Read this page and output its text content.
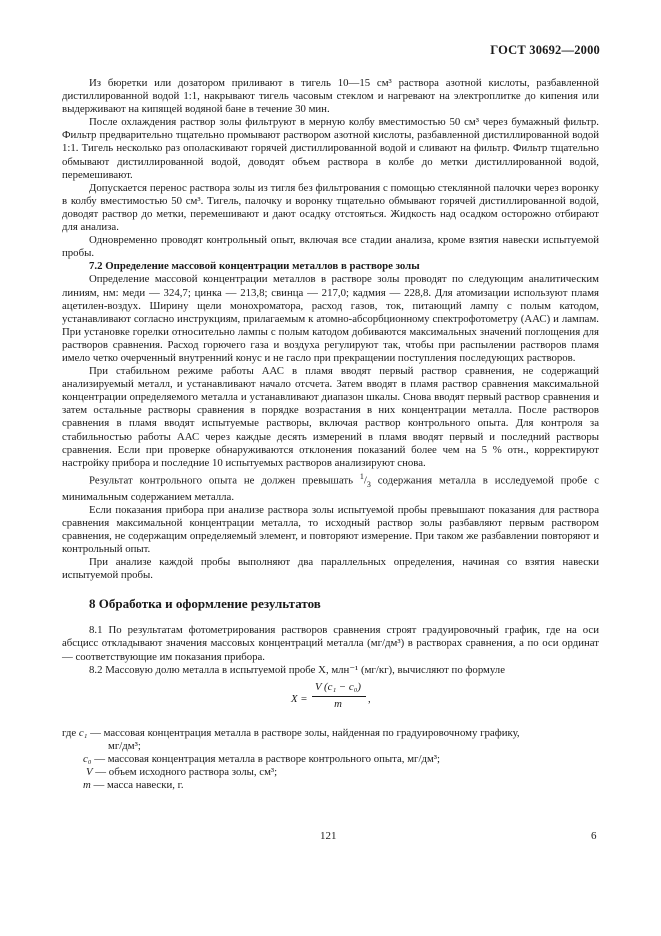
ГОСТ 30692—2000

Из бюретки или дозатором приливают в тигель 10—15 см³ раствора азотной кислоты, разбавленной дистиллированной водой 1:1, накрывают тигель часовым стеклом и нагревают на электроплитке до кипения или выдерживают на кипящей водяной бане в течение 30 мин.

После охлаждения раствор золы фильтруют в мерную колбу вместимостью 50 см³ через бумажный фильтр. Фильтр предварительно тщательно промывают раствором азотной кислоты, разбавленной дистиллированной водой 1:1. Тигель несколько раз ополаскивают горячей дистиллированной водой и сливают на фильтр. Фильтр тщательно обмывают дистиллированной водой, доводят объем раствора в колбе до метки дистиллированной водой, перемешивают.

Допускается перенос раствора золы из тигля без фильтрования с помощью стеклянной палочки через воронку в колбу вместимостью 50 см³. Тигель, палочку и воронку тщательно обмывают горячей дистиллированной водой, доводят раствор до метки, перемешивают и дают осадку отстояться. Жидкость над осадком осторожно отбирают для анализа.

Одновременно проводят контрольный опыт, включая все стадии анализа, кроме взятия навески испытуемой пробы.

7.2 Определение массовой концентрации металлов в растворе золы

Определение массовой концентрации металлов в растворе золы проводят по следующим аналитическим линиям, нм: меди — 324,7; цинка — 213,8; свинца — 217,0; кадмия — 228,8. Для атомизации используют пламя ацетилен-воздух. Ширину щели монохроматора, расход газов, ток, питающий лампу с полым катодом, устанавливают согласно инструкциям, прилагаемым к атомно-абсорбционному спектрофотометру (ААС) и лампам. При установке горелки относительно лампы с полым катодом добиваются максимальных значений поглощения для растворов сравнения. Расход горючего газа и воздуха регулируют так, чтобы при распылении растворов пламя имело четко очерченный внутренний конус и не гасло при прекращении поступления последующих растворов.

При стабильном режиме работы ААС в пламя вводят первый раствор сравнения, не содержащий анализируемый металл, и устанавливают начало отсчета. Затем вводят в пламя раствор сравнения максимальной концентрации определяемого металла и устанавливают диапазон шкалы. Снова вводят первый раствор сравнения и затем остальные растворы сравнения в порядке возрастания в них концентрации металла. После растворов сравнения в пламя вводят испытуемые растворы, включая раствор контрольного опыта. Для контроля за стабильностью работы ААС через каждые десять измерений в пламя вводят первый и последний растворы сравнения. Если при проверке обнаруживаются отклонения показаний более чем на 5 % отн., корректируют настройку прибора и последние 10 испытуемых растворов анализируют снова.

Результат контрольного опыта не должен превышать $^1/_3$ содержания металла в исследуемой пробе с минимальным содержанием металла.

Если показания прибора при анализе раствора золы испытуемой пробы превышают показания для раствора сравнения максимальной концентрации металла, то исходный раствор золы разбавляют первым раствором сравнения, не содержащим определяемый элемент, и повторяют измерение. При таком же разбавлении повторяют и контрольный опыт.

При анализе каждой пробы выполняют два параллельных определения, начиная со взятия навески испытуемой пробы.

8 Обработка и оформление результатов

8.1 По результатам фотометрирования растворов сравнения строят градуировочный график, где на оси абсцисс откладывают значения массовых концентраций металла (мг/дм³) в растворах сравнения, а по оси ординат — соответствующие им показания прибора.

8.2 Массовую долю металла в испытуемой пробе X, млн⁻¹ (мг/кг), вычисляют по формуле

X =
V (c₁ − c₀)
m	,
где c₁ — массовая концентрация металла в растворе золы, найденная по градуировочному графику,
мг/дм³;
c₀ — массовая концентрация металла в растворе контрольного опыта, мг/дм³;
V — объем исходного раствора золы, см³;
m — масса навески, г.
121	6
